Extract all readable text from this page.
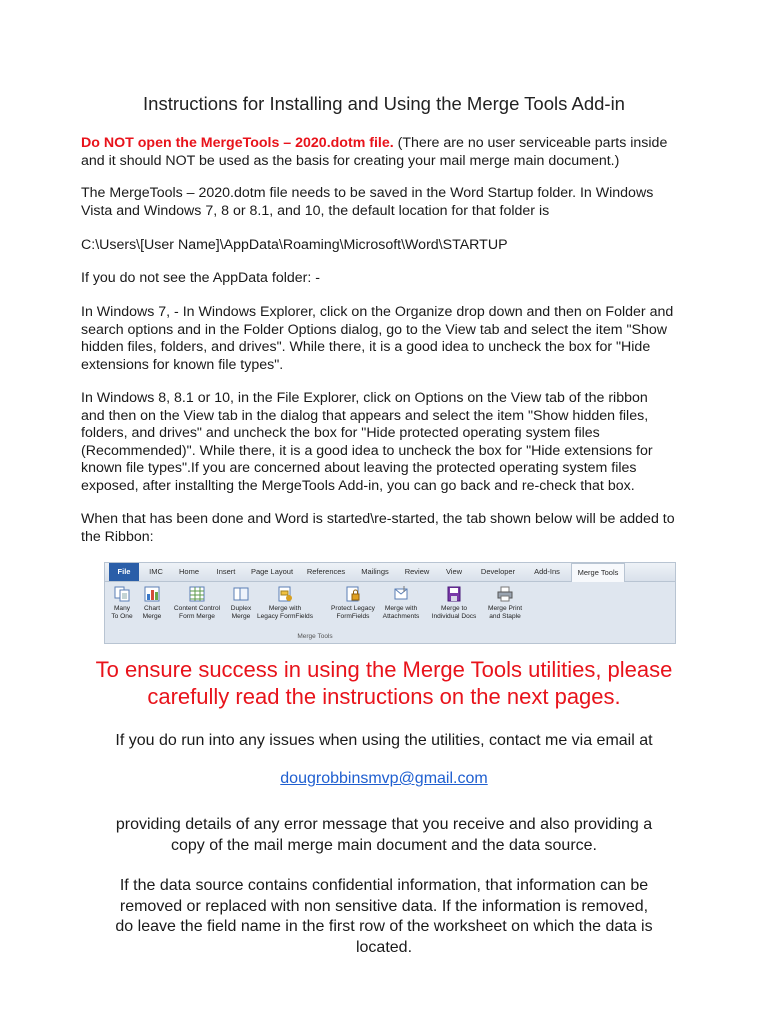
Instructions for Installing and Using the Merge Tools Add-in

Do NOT open the MergeTools – 2020.dotm file. (There are no user serviceable parts inside
and it should NOT be used as the basis for creating your mail merge main document.)

The MergeTools – 2020.dotm file needs to be saved in the Word Startup folder. In Windows
Vista and Windows 7, 8 or 8.1, and 10, the default location for that folder is

C:\Users\[User Name]\AppData\Roaming\Microsoft\Word\STARTUP

If you do not see the AppData folder: -

In Windows 7, - In Windows Explorer, click on the Organize drop down and then on Folder and
search options and in the Folder Options dialog, go to the View tab and select the item "Show
hidden files, folders, and drives". While there, it is a good idea to uncheck the box for "Hide
extensions for known file types".

In Windows 8, 8.1 or 10, in the File Explorer, click on Options on the View tab of the ribbon
and then on the View tab in the dialog that appears and select the item "Show hidden files,
folders, and drives" and uncheck the box for "Hide protected operating system files
(Recommended)". While there, it is a good idea to uncheck the box for "Hide extensions for
known file types".If you are concerned about leaving the protected operating system files
exposed, after installting the MergeTools Add-in, you can go back and re-check that box.

When that has been done and Word is started\re-started, the tab shown below will be added to
the Ribbon:

File	IMC	Home	Insert	Page Layout	References	Mailings	Review	View	Developer	Add-Ins	Merge Tools
Many
To One
Chart
Merge
Content Control
Form Merge
Duplex
Merge
Merge with
Legacy FormFields
Protect Legacy
FormFields
Merge with
Attachments
Merge to
Individual Docs
Merge Print
and Staple
Merge Tools
To ensure success in using the Merge Tools utilities, please
carefully read the instructions on the next pages.
If you do run into any issues when using the utilities, contact me via email at
dougrobbinsmvp@gmail.com
providing details of any error message that you receive and also providing a
copy of the mail merge main document and the data source.
If the data source contains confidential information, that information can be
removed or replaced with non sensitive data. If the information is removed,
do leave the field name in the first row of the worksheet on which the data is
located.
